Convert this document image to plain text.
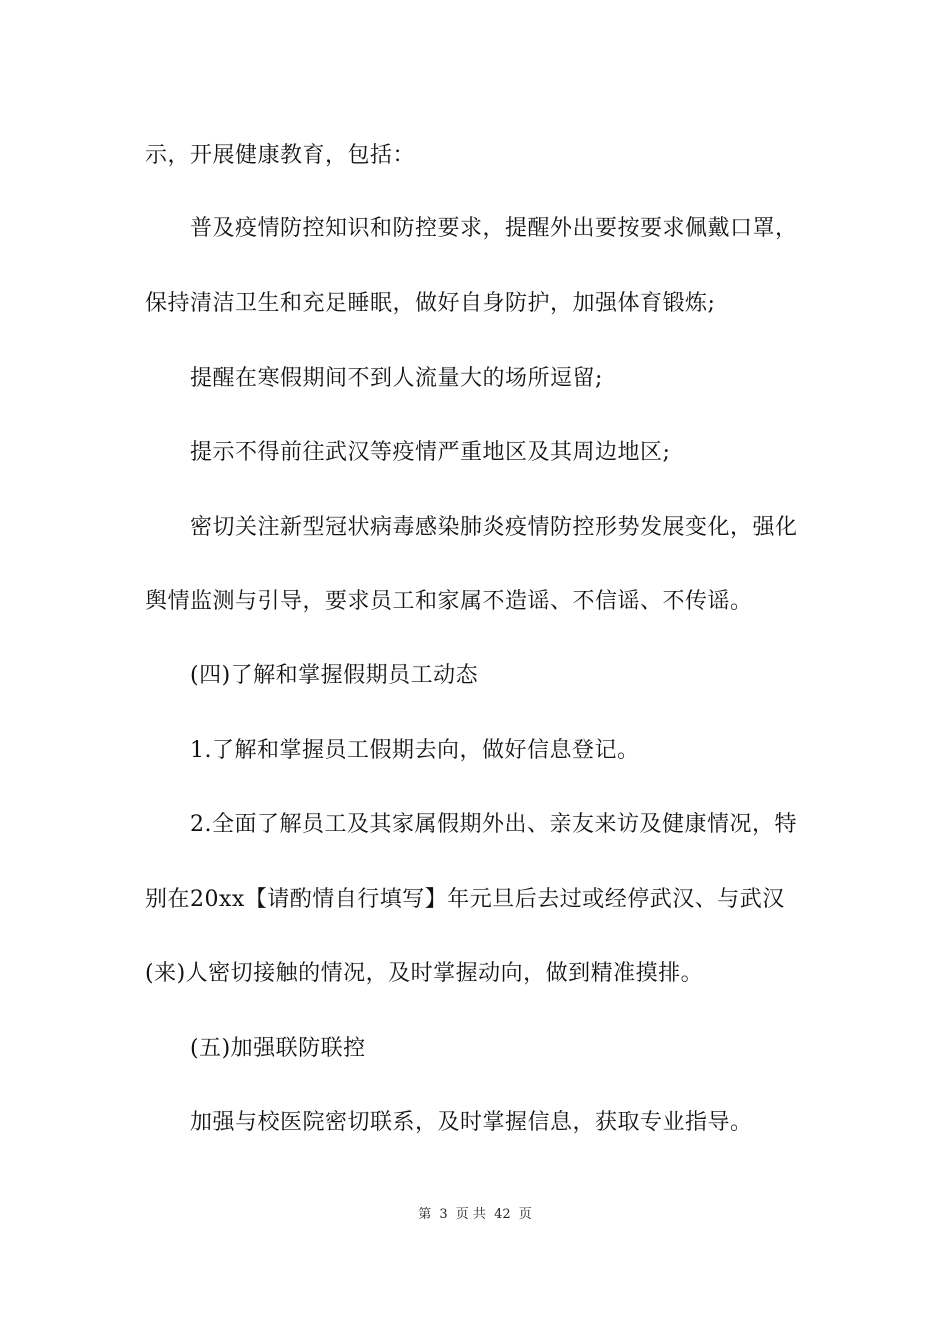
示，开展健康教育，包括：
普及疫情防控知识和防控要求，提醒外出要按要求佩戴口罩，
保持清洁卫生和充足睡眠，做好自身防护，加强体育锻炼;
提醒在寒假期间不到人流量大的场所逗留;
提示不得前往武汉等疫情严重地区及其周边地区;
密切关注新型冠状病毒感染肺炎疫情防控形势发展变化，强化
舆情监测与引导，要求员工和家属不造谣、不信谣、不传谣。
(四)了解和掌握假期员工动态
1.了解和掌握员工假期去向，做好信息登记。
2.全面了解员工及其家属假期外出、亲友来访及健康情况，特
别在20xx【请酌情自行填写】年元旦后去过或经停武汉、与武汉
(来)人密切接触的情况，及时掌握动向，做到精准摸排。
(五)加强联防联控
加强与校医院密切联系，及时掌握信息，获取专业指导。
第 3 页 共 42 页
